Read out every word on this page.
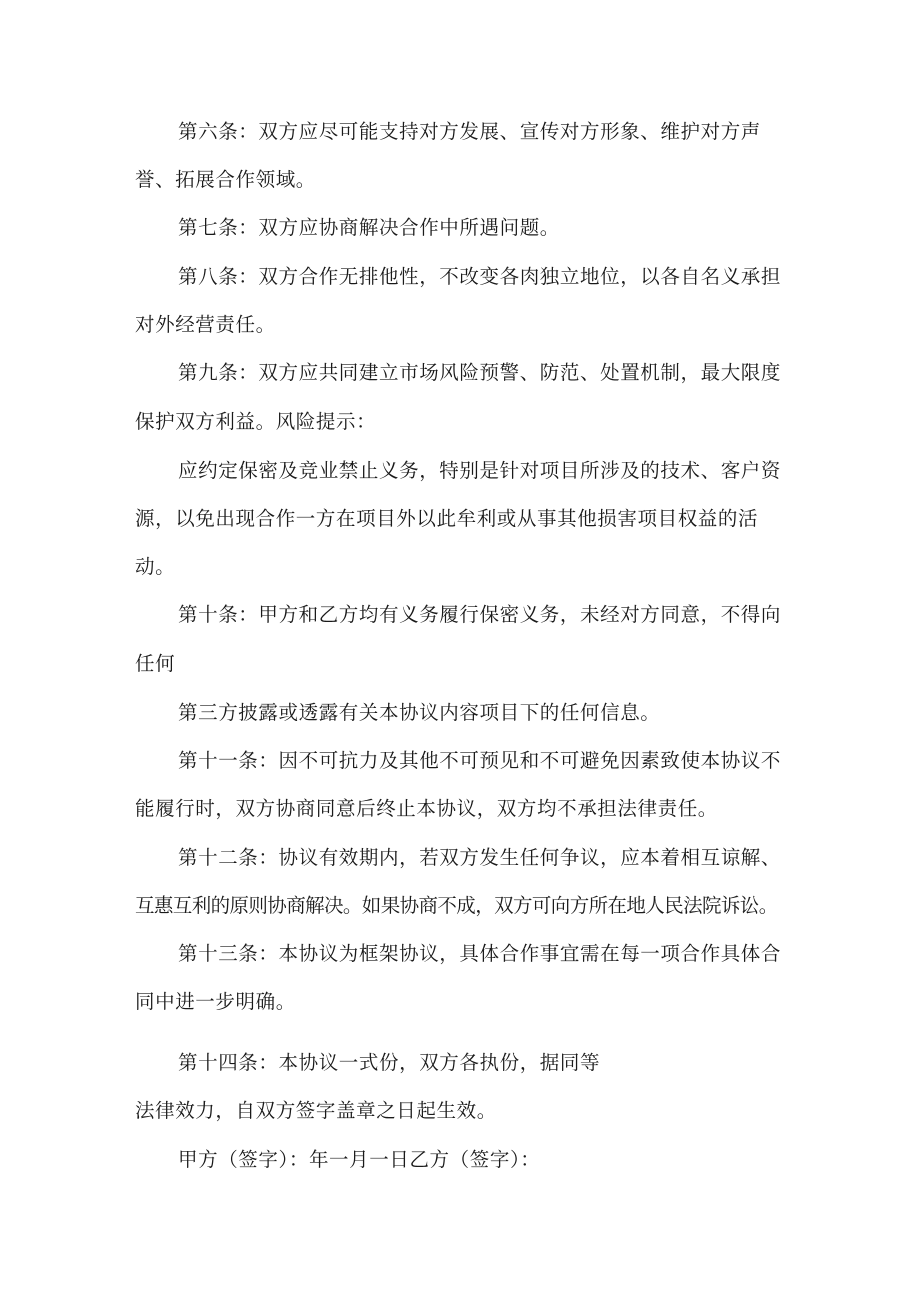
第六条：双方应尽可能支持对方发展、宣传对方形象、维护对方声
誉、拓展合作领域。
第七条：双方应协商解决合作中所遇问题。
第八条：双方合作无排他性，不改变各肉独立地位，以各自名义承担
对外经营责任。
第九条：双方应共同建立市场风险预警、防范、处置机制，最大限度
保护双方利益。风险提示：
应约定保密及竞业禁止义务，特别是针对项目所涉及的技术、客户资
源，以免出现合作一方在项目外以此牟利或从事其他损害项目权益的活
动。
第十条：甲方和乙方均有义务履行保密义务，未经对方同意，不得向
任何
第三方披露或透露有关本协议内容项目下的任何信息。
第十一条：因不可抗力及其他不可预见和不可避免因素致使本协议不
能履行时，双方协商同意后终止本协议，双方均不承担法律责任。
第十二条：协议有效期内，若双方发生任何争议，应本着相互谅解、
互惠互利的原则协商解决。如果协商不成，双方可向方所在地人民法院诉讼。
第十三条：本协议为框架协议，具体合作事宜需在每一项合作具体合
同中进一步明确。
第十四条：本协议一式份，双方各执份，据同等
法律效力，自双方签字盖章之日起生效。
甲方（签字）：年一月一日乙方（签字）：
